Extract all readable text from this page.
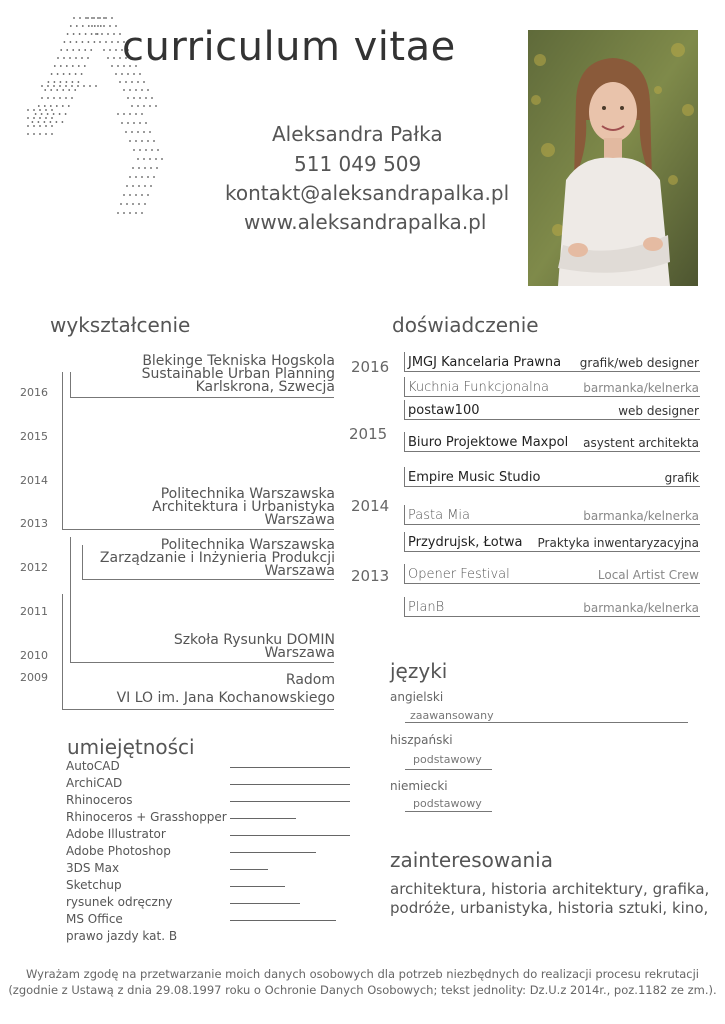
curriculum vitae
Aleksandra Pałka
511 049 509
kontakt@aleksandrapalka.pl
www.aleksandrapalka.pl
wykształcenie
2016
2015
2014
2013
2012
2011
2010
2009
Blekinge Tekniska Hogskola
Sustainable Urban Planning
Karlskrona, Szwecja
Politechnika Warszawska
Architektura i Urbanistyka
Warszawa
Politechnika Warszawska
Zarządzanie i Inżynieria Produkcji
Warszawa
Szkoła Rysunku DOMIN
Warszawa
Radom
VI LO im. Jana Kochanowskiego
doświadczenie
2016
2015
2014
2013
JMGJ Kancelaria Prawna grafik/web designer
Kuchnia Funkcjonalna	barmanka/kelnerka
postaw100	web designer
Biuro Projektowe Maxpol asystent architekta
Empire Music Studio	grafik
Pasta Mia	barmanka/kelnerka
Przydrujsk, Łotwa Praktyka inwentaryzacyjna
Opener Festival	Local Artist Crew
PlanB	barmanka/kelnerka
języki
angielski
zaawansowany
hiszpański
podstawowy
niemiecki
podstawowy
zainteresowania
architektura, historia architektury, grafika,
podróże, urbanistyka, historia sztuki, kino,
umiejętności
AutoCAD
ArchiCAD
Rhinoceros
Rhinoceros + Grasshopper
Adobe Illustrator
Adobe Photoshop
3DS Max
Sketchup
rysunek odręczny
MS Office
prawo jazdy kat. B
Wyrażam zgodę na przetwarzanie moich danych osobowych dla potrzeb niezbędnych do realizacji procesu rekrutacji
(zgodnie z Ustawą z dnia 29.08.1997 roku o Ochronie Danych Osobowych; tekst jednolity: Dz.U.z 2014r., poz.1182 ze zm.).
